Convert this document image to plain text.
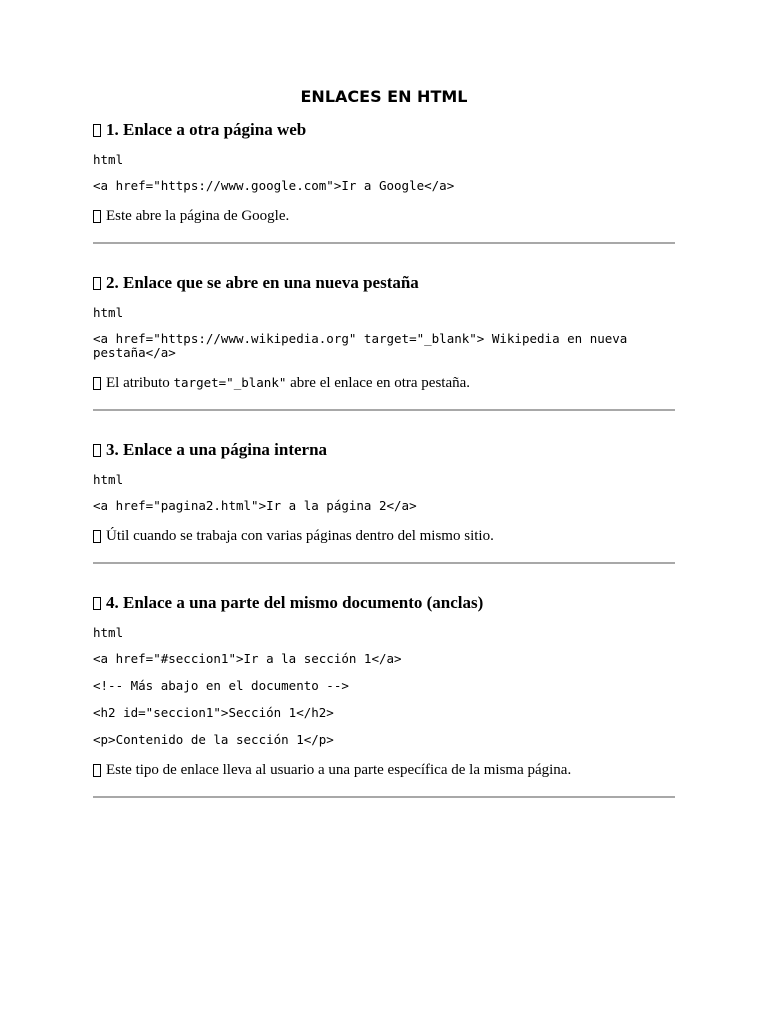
ENLACES EN HTML
1. Enlace a otra página web
html
<a href="https://www.google.com">Ir a Google</a>

Este abre la página de Google.

2. Enlace que se abre en una nueva pestaña
html
<a href="https://www.wikipedia.org" target="_blank"> Wikipedia en nueva pestaña</a>

El atributo target="_blank" abre el enlace en otra pestaña.

3. Enlace a una página interna
html
<a href="pagina2.html">Ir a la página 2</a>

Útil cuando se trabaja con varias páginas dentro del mismo sitio.

4. Enlace a una parte del mismo documento (anclas)
html
<a href="#seccion1">Ir a la sección 1</a>
<!-- Más abajo en el documento -->
<h2 id="seccion1">Sección 1</h2>
<p>Contenido de la sección 1</p>

Este tipo de enlace lleva al usuario a una parte específica de la misma página.
